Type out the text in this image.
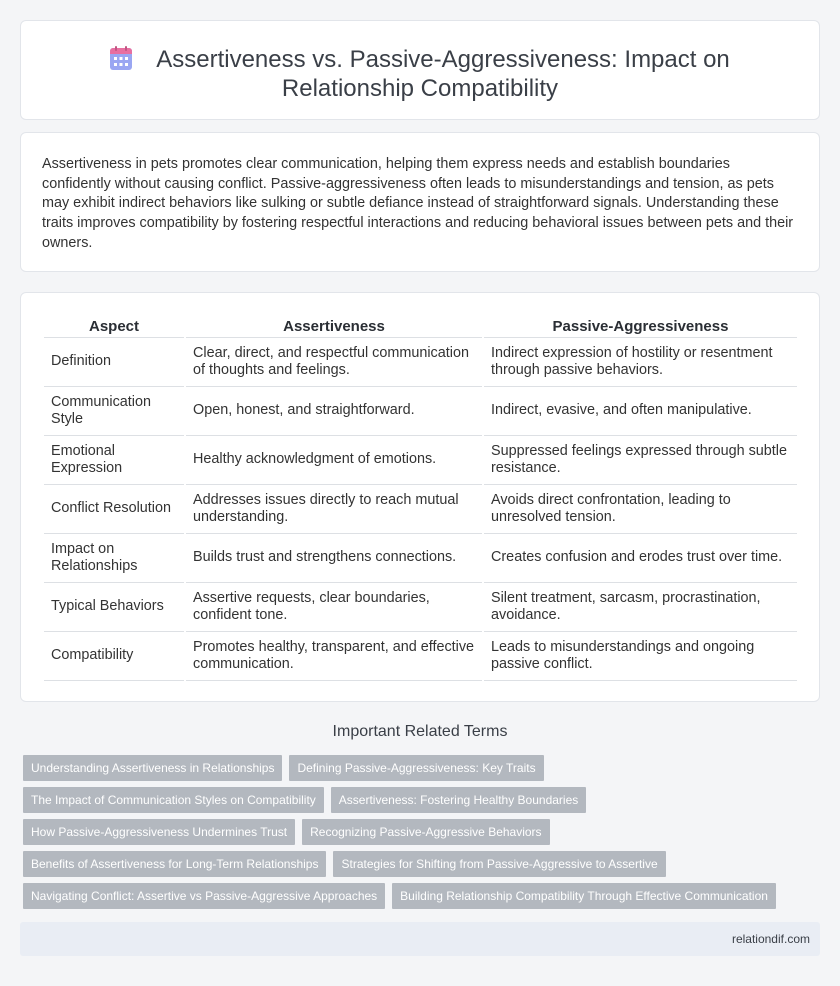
Assertiveness vs. Passive-Aggressiveness: Impact on
Relationship Compatibility

Assertiveness in pets promotes clear communication, helping them express needs and establish boundaries confidently without causing conflict. Passive-aggressiveness often leads to misunderstandings and tension, as pets may exhibit indirect behaviors like sulking or subtle defiance instead of straightforward signals. Understanding these traits improves compatibility by fostering respectful interactions and reducing behavioral issues between pets and their owners.

Aspect	Assertiveness	Passive-Aggressiveness
Definition	Clear, direct, and respectful communication of thoughts and feelings.	Indirect expression of hostility or resentment through passive behaviors.
Communication Style	Open, honest, and straightforward.	Indirect, evasive, and often manipulative.
Emotional Expression	Healthy acknowledgment of emotions.	Suppressed feelings expressed through subtle resistance.
Conflict Resolution	Addresses issues directly to reach mutual understanding.	Avoids direct confrontation, leading to unresolved tension.
Impact on Relationships	Builds trust and strengthens connections.	Creates confusion and erodes trust over time.
Typical Behaviors	Assertive requests, clear boundaries, confident tone.	Silent treatment, sarcasm, procrastination, avoidance.
Compatibility	Promotes healthy, transparent, and effective communication.	Leads to misunderstandings and ongoing passive conflict.
Important Related Terms
Understanding Assertiveness in Relationships	Defining Passive-Aggressiveness: Key Traits
The Impact of Communication Styles on Compatibility	Assertiveness: Fostering Healthy Boundaries
How Passive-Aggressiveness Undermines Trust	Recognizing Passive-Aggressive Behaviors
Benefits of Assertiveness for Long-Term Relationships	Strategies for Shifting from Passive-Aggressive to Assertive
Navigating Conflict: Assertive vs Passive-Aggressive Approaches	Building Relationship Compatibility Through Effective Communication
relationdif.com
